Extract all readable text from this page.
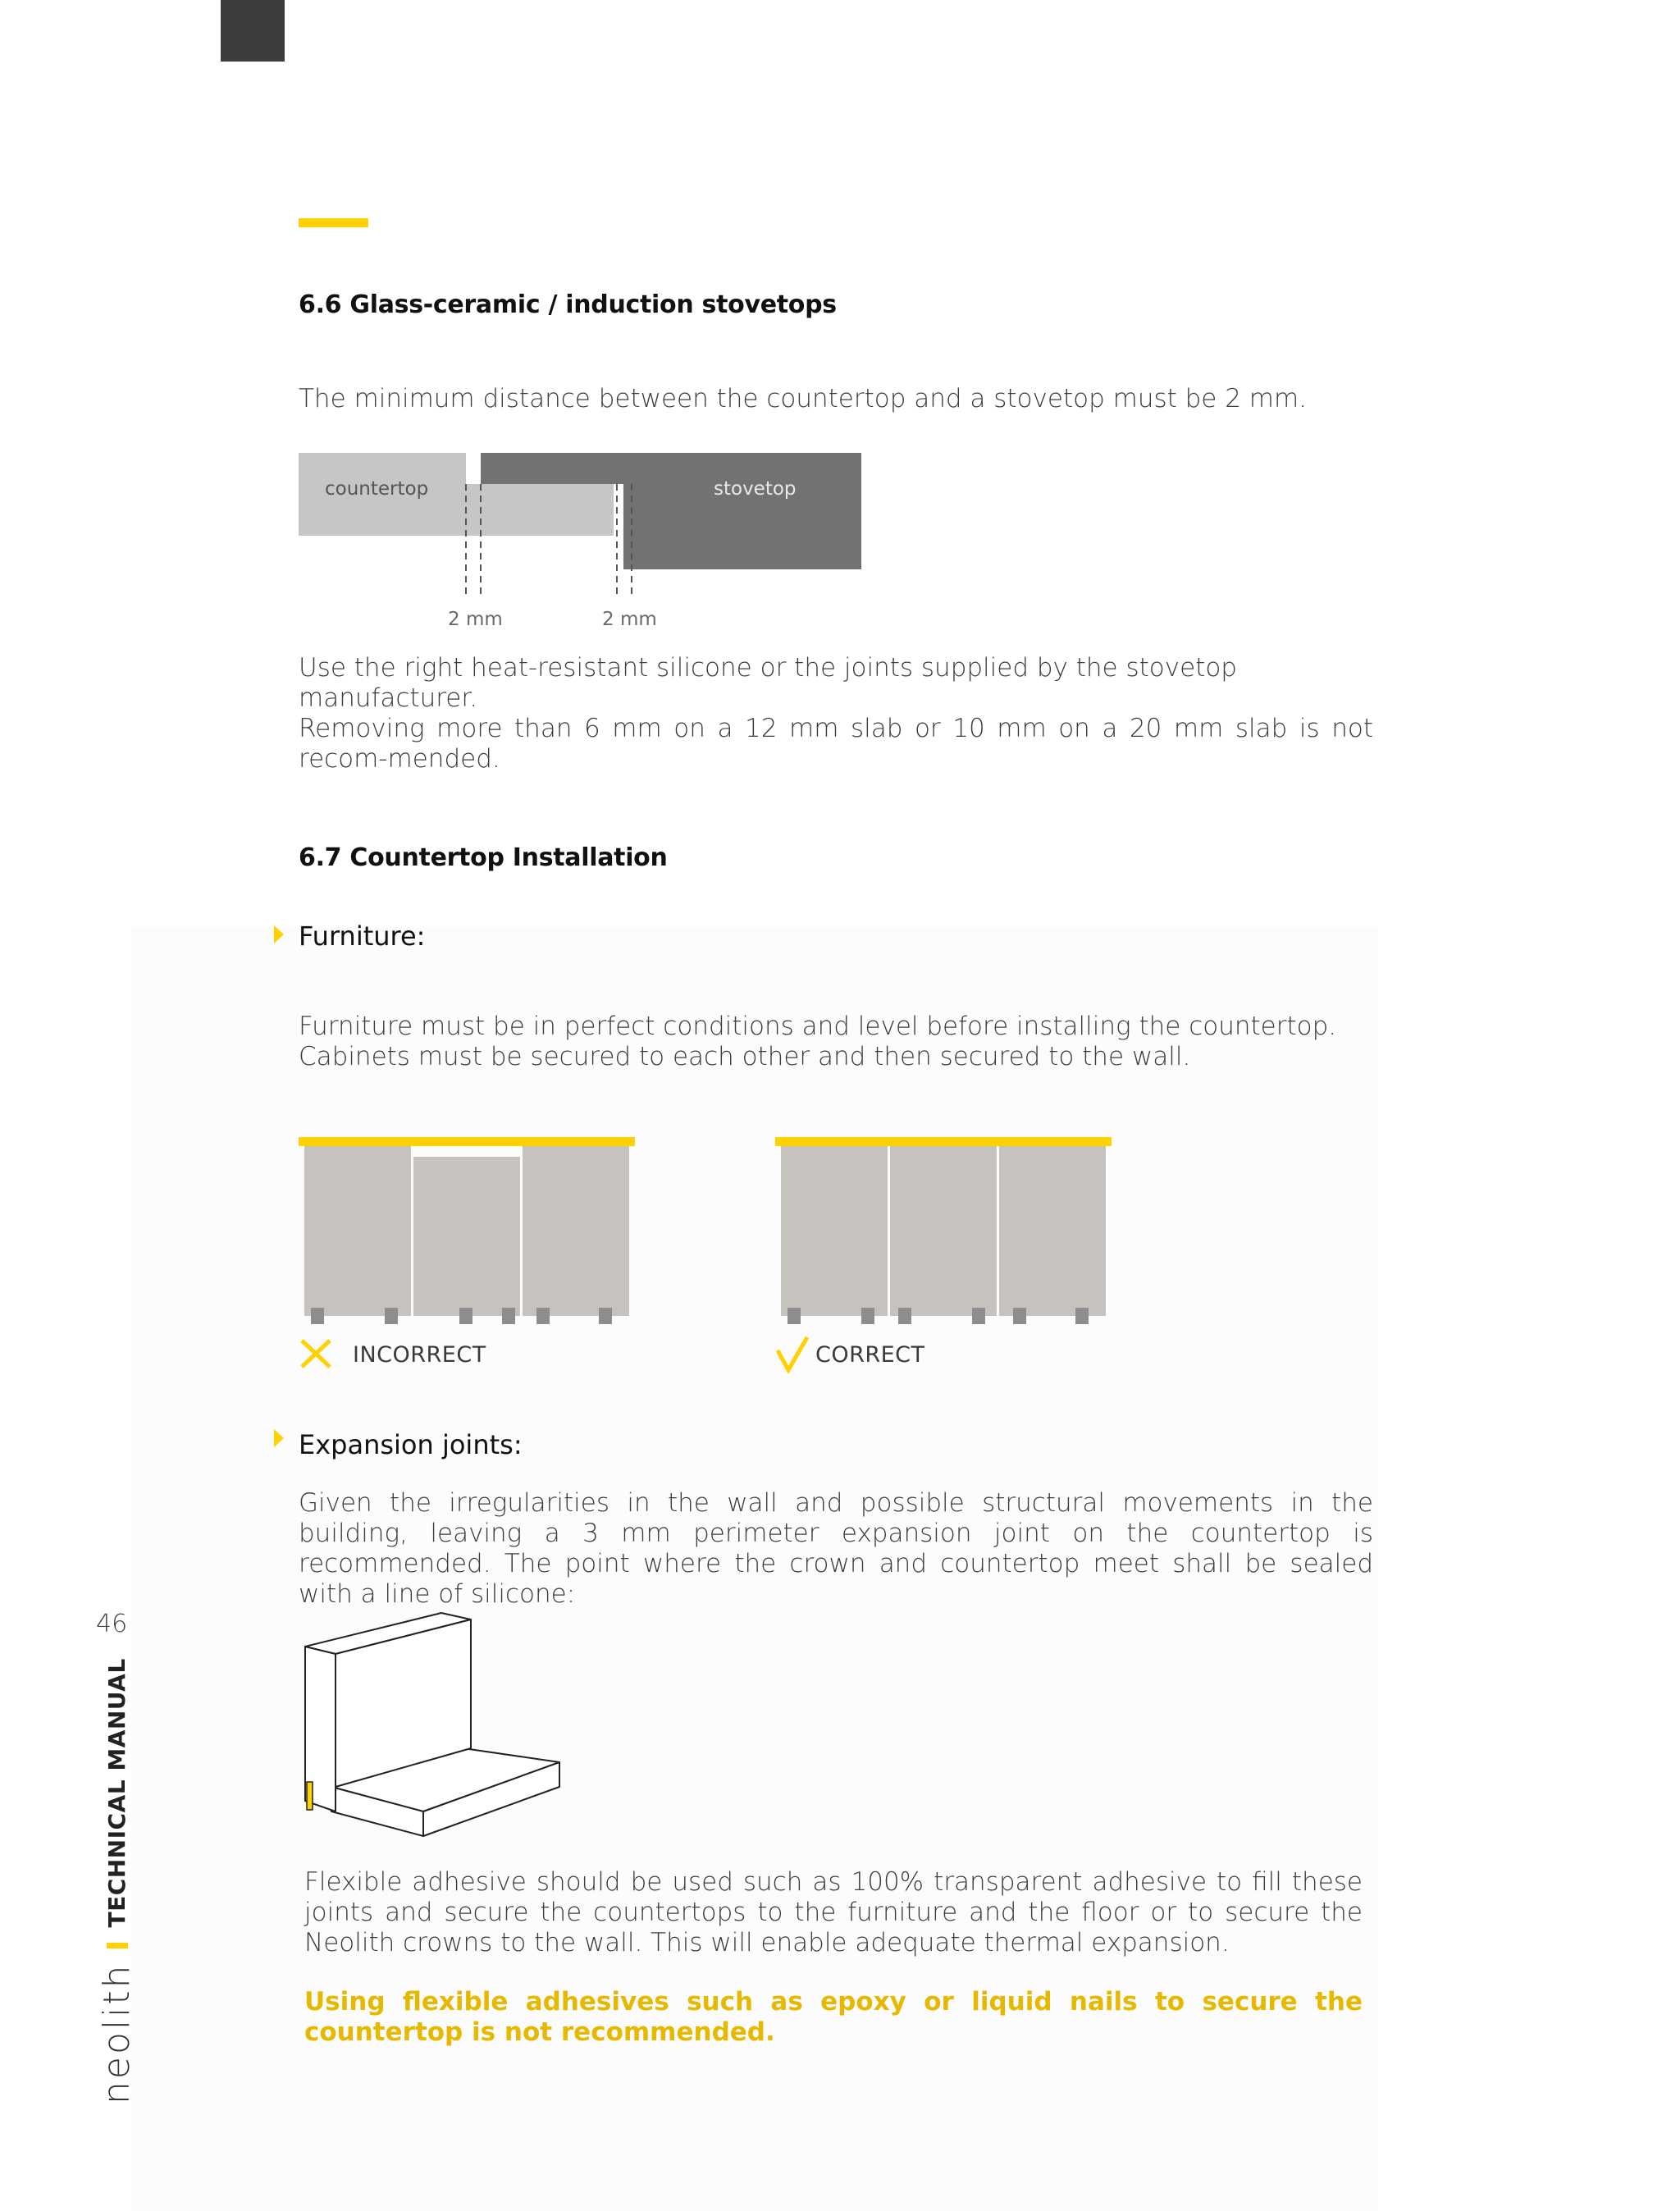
6.6 Glass-ceramic / induction stovetops
The minimum distance between the countertop and a stovetop must be 2 mm.
countertop	stovetop
2 mm	2 mm
Use the right heat-resistant silicone or the joints supplied by the stovetop manufacturer.
Removing more than 6 mm on a 12 mm slab or 10 mm on a 20 mm slab is not recom-mended.
6.7 Countertop Installation
Furniture:
Furniture must be in perfect conditions and level before installing the countertop. Cabinets must be secured to each other and then secured to the wall.
INCORRECT	CORRECT
Expansion joints:
Given the irregularities in the wall and possible structural movements in the building, leaving a 3 mm perimeter expansion joint on the countertop is recommended. The point where the crown and countertop meet shall be sealed with a line of silicone:
Flexible adhesive should be used such as 100% transparent adhesive to fill these joints and secure the countertops to the furniture and the floor or to secure the Neolith crowns to the wall. This will enable adequate thermal expansion.
Using flexible adhesives such as epoxy or liquid nails to secure the countertop is not recommended.
46
neolith
TECHNICAL MANUAL
